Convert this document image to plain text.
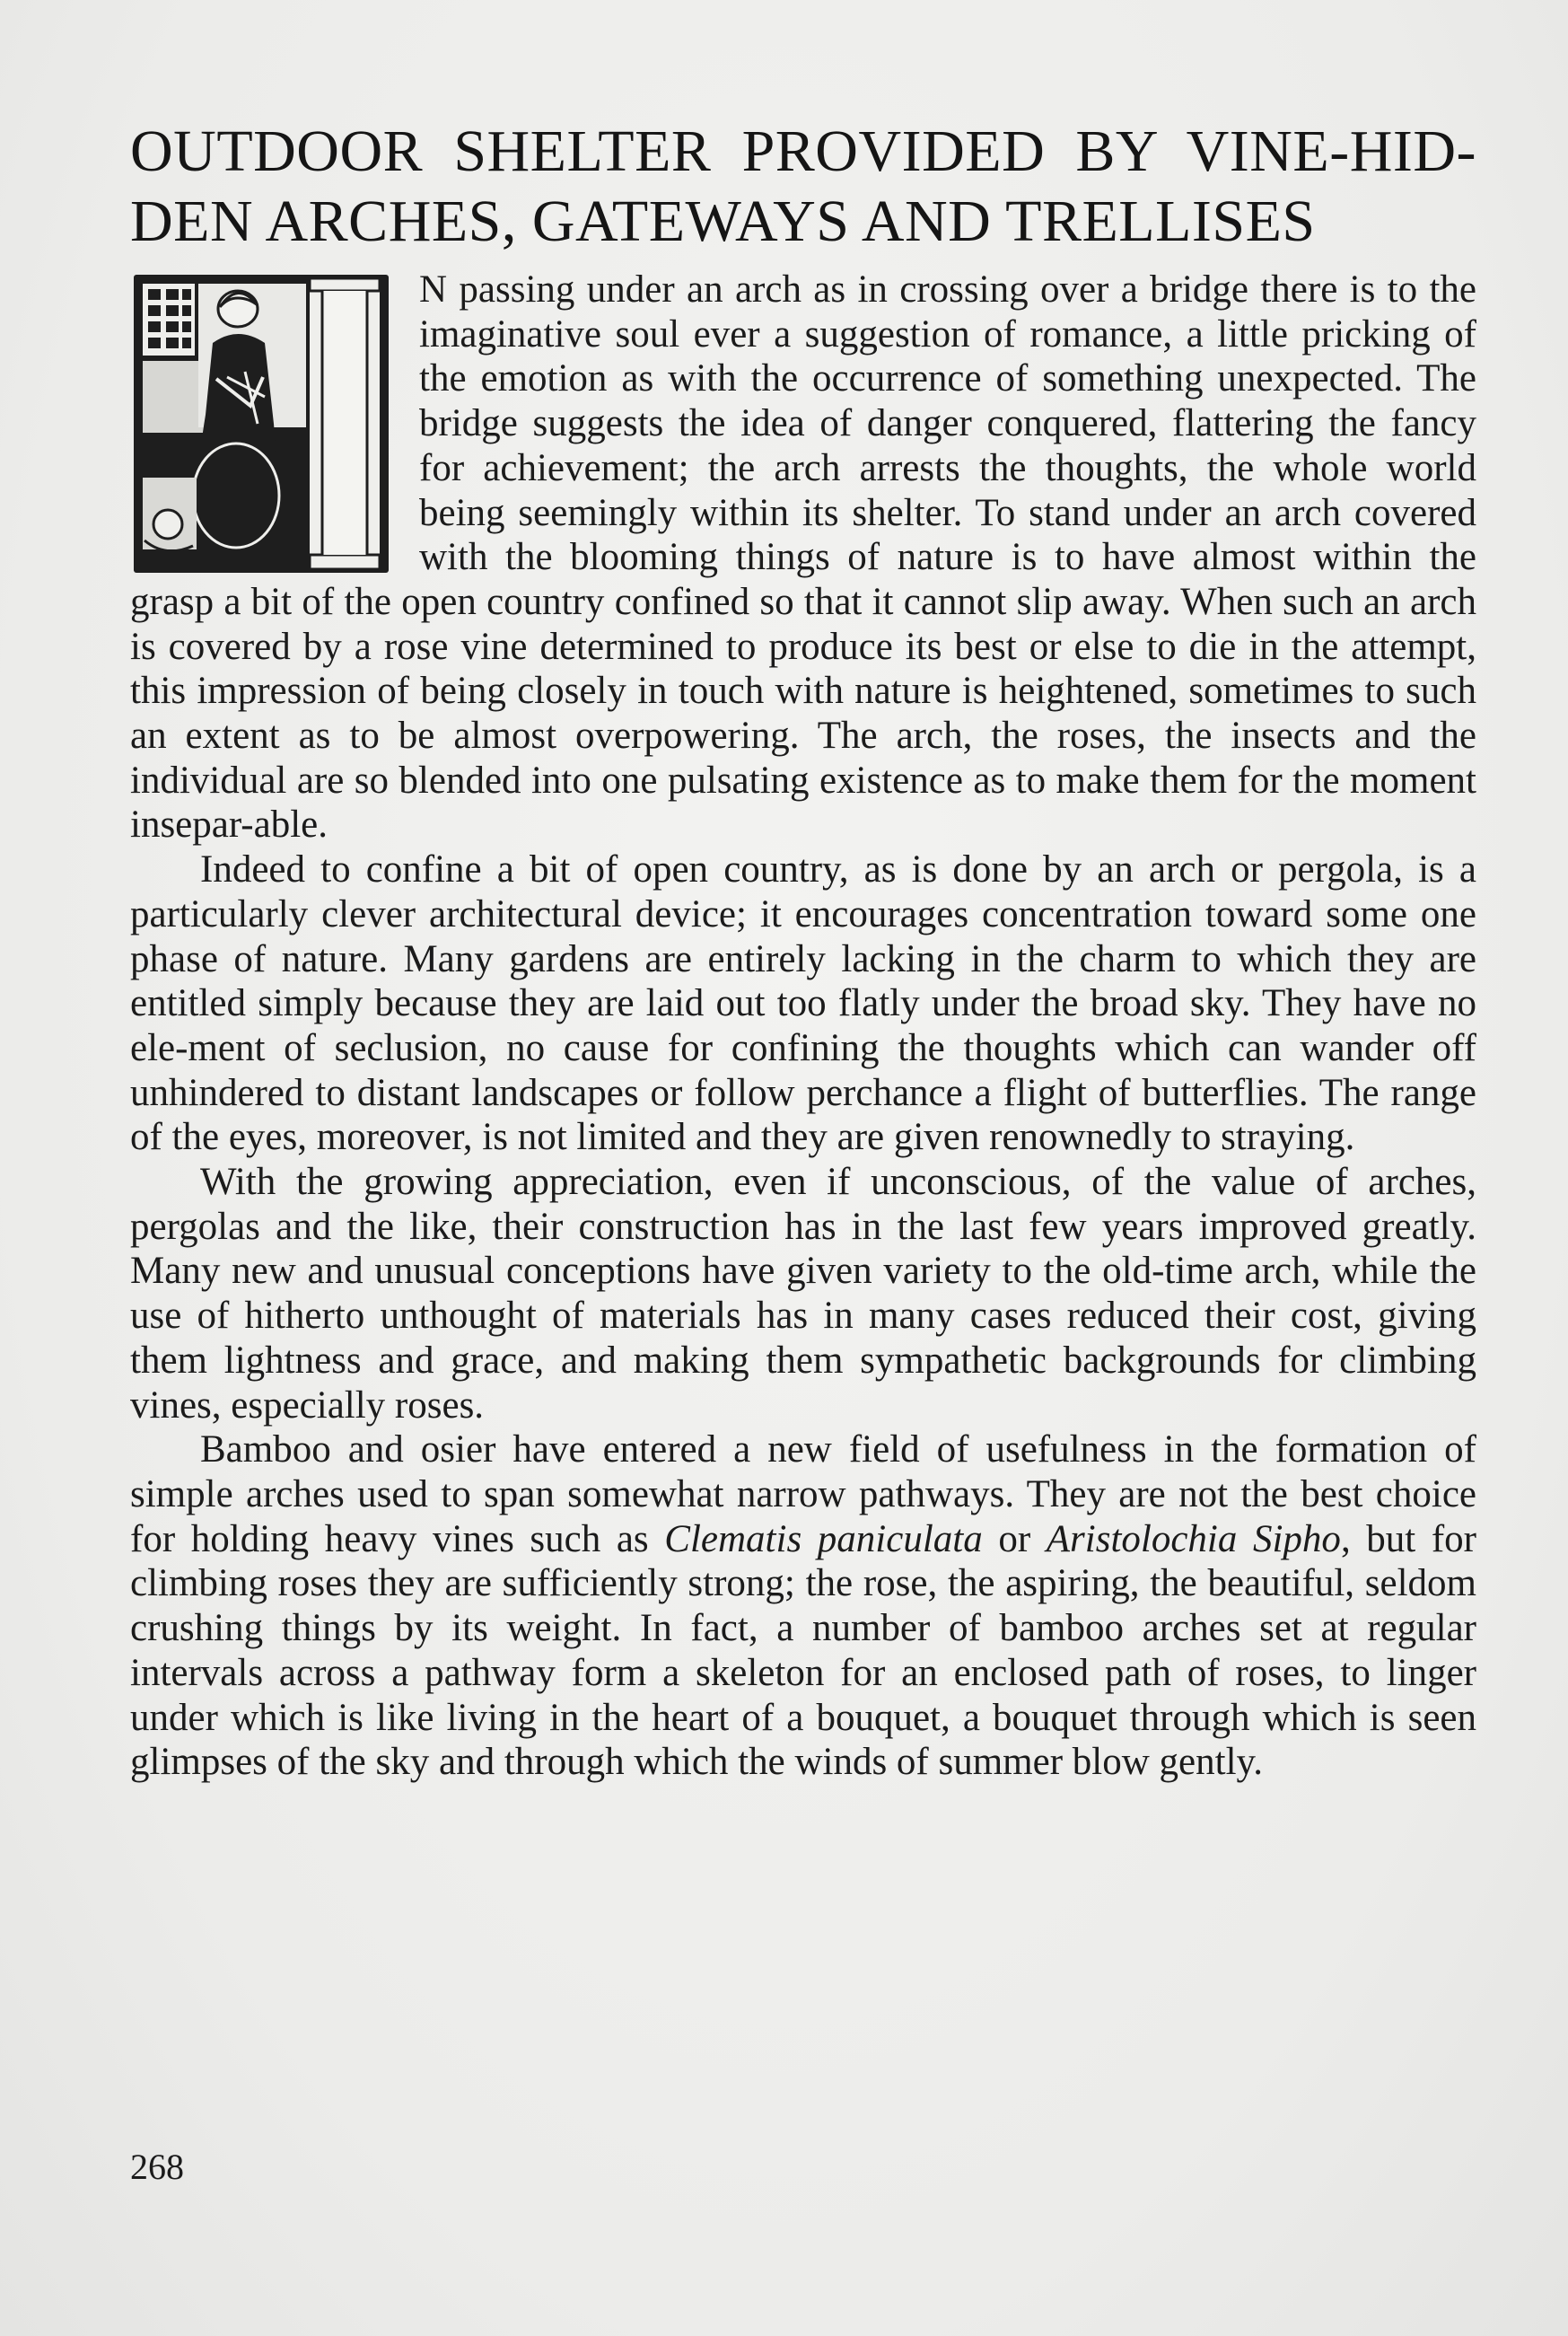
OUTDOOR SHELTER PROVIDED BY VINE-HID-
DEN ARCHES, GATEWAYS AND TRELLISES

N passing under an arch as in crossing over a bridge there is to the imaginative soul ever a suggestion of romance, a little pricking of the emotion as with the occurrence of something unexpected. The bridge suggests the idea of danger conquered, flattering the fancy for achievement; the arch arrests the thoughts, the whole world being seemingly within its shelter. To stand under an arch covered with the blooming things of nature is to have almost within the grasp a bit of the open country confined so that it cannot slip away. When such an arch is covered by a rose vine determined to produce its best or else to die in the attempt, this impression of being closely in touch with nature is heightened, sometimes to such an extent as to be almost overpowering. The arch, the roses, the insects and the individual are so blended into one pulsating existence as to make them for the moment insepar-able.

Indeed to confine a bit of open country, as is done by an arch or pergola, is a particularly clever architectural device; it encourages concentration toward some one phase of nature. Many gardens are entirely lacking in the charm to which they are entitled simply because they are laid out too flatly under the broad sky. They have no ele-ment of seclusion, no cause for confining the thoughts which can wander off unhindered to distant landscapes or follow perchance a flight of butterflies. The range of the eyes, moreover, is not limited and they are given renownedly to straying.

With the growing appreciation, even if unconscious, of the value of arches, pergolas and the like, their construction has in the last few years improved greatly. Many new and unusual conceptions have given variety to the old-time arch, while the use of hitherto unthought of materials has in many cases reduced their cost, giving them lightness and grace, and making them sympathetic backgrounds for climbing vines, especially roses.

Bamboo and osier have entered a new field of usefulness in the formation of simple arches used to span somewhat narrow pathways. They are not the best choice for holding heavy vines such as Clematis paniculata or Aristolochia Sipho, but for climbing roses they are sufficiently strong; the rose, the aspiring, the beautiful, seldom crushing things by its weight. In fact, a number of bamboo arches set at regular intervals across a pathway form a skeleton for an enclosed path of roses, to linger under which is like living in the heart of a bouquet, a bouquet through which is seen glimpses of the sky and through which the winds of summer blow gently.

268
